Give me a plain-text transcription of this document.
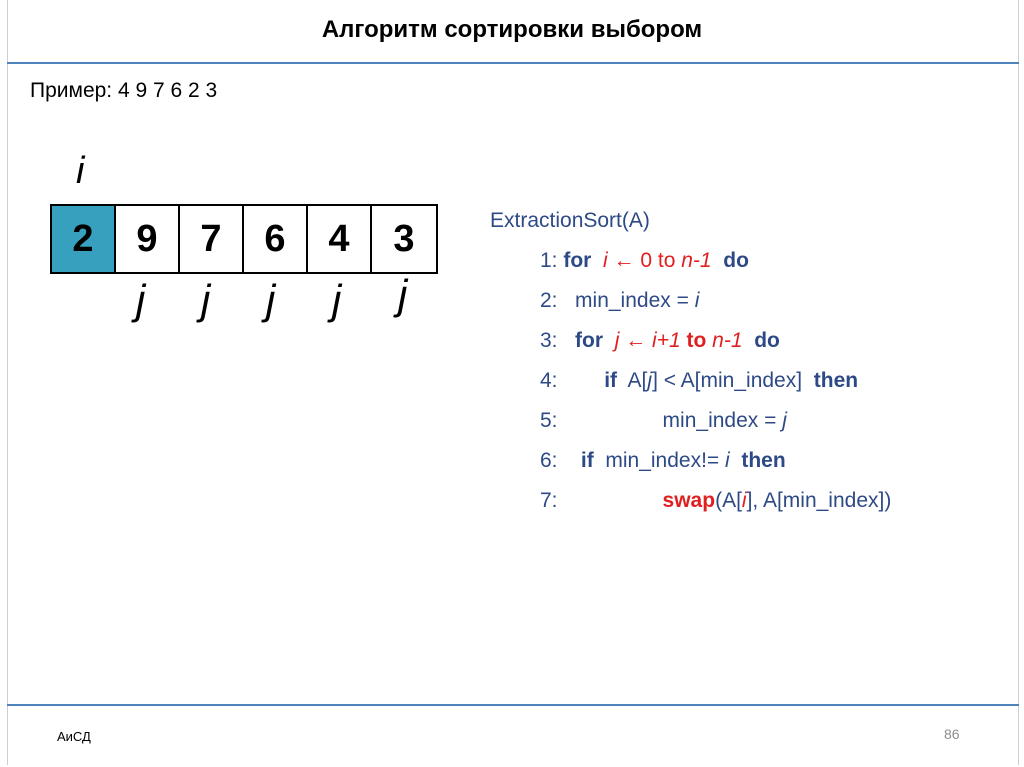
Алгоритм сортировки выбором
Пример: 4 9 7 6 2 3
i
2	9	7	6	4	3
j j j j j
ExtractionSort(A)
1: for i ← 0 to n-1 do
2: min_index = i
3: for j ← i+1 to n-1 do
4: if A[j] < A[min_index] then
5:	min_index = j
6: if min_index!= i then
7:	swap(A[i], A[min_index])
АиСД	86
